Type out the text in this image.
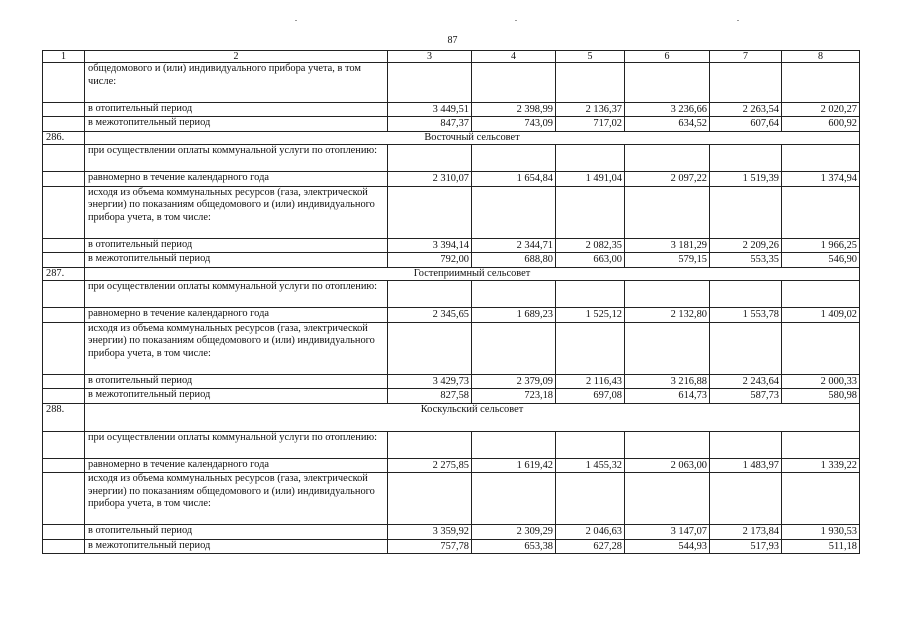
87
1	2	3	4	5	6	7	8
	общедомового и (или) индивидуального прибора учета, в том числе:						
	в отопительный период	3 449,51	2 398,99	2 136,37	3 236,66	2 263,54	2 020,27
	в межотопительный период	847,37	743,09	717,02	634,52	607,64	600,92
286.	Восточный сельсовет						
	при осуществлении оплаты коммунальной услуги по отоплению:						
	равномерно в течение календарного года	2 310,07	1 654,84	1 491,04	2 097,22	1 519,39	1 374,94
	исходя из объема коммунальных ресурсов (газа, электрической энергии) по показаниям общедомового и (или) индивидуального прибора учета, в том числе:						
	в отопительный период	3 394,14	2 344,71	2 082,35	3 181,29	2 209,26	1 966,25
	в межотопительный период	792,00	688,80	663,00	579,15	553,35	546,90
287.	Гостеприимный сельсовет						
	при осуществлении оплаты коммунальной услуги по отоплению:						
	равномерно в течение календарного года	2 345,65	1 689,23	1 525,12	2 132,80	1 553,78	1 409,02
	исходя из объема коммунальных ресурсов (газа, электрической энергии) по показаниям общедомового и (или) индивидуального прибора учета, в том числе:						
	в отопительный период	3 429,73	2 379,09	2 116,43	3 216,88	2 243,64	2 000,33
	в межотопительный период	827,58	723,18	697,08	614,73	587,73	580,98
288.	Коскульский сельсовет						
	при осуществлении оплаты коммунальной услуги по отоплению:						
	равномерно в течение календарного года	2 275,85	1 619,42	1 455,32	2 063,00	1 483,97	1 339,22
	исходя из объема коммунальных ресурсов (газа, электрической энергии) по показаниям общедомового и (или) индивидуального прибора учета, в том числе:						
	в отопительный период	3 359,92	2 309,29	2 046,63	3 147,07	2 173,84	1 930,53
	в межотопительный период	757,78	653,38	627,28	544,93	517,93	511,18
